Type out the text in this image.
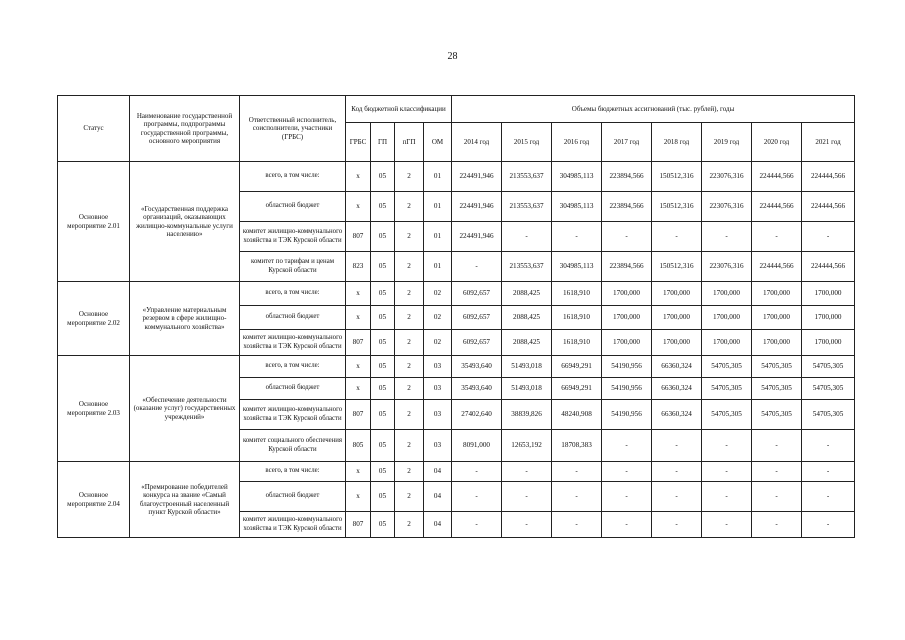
28
Статус	Наименование государственной программы, подпрограммы государственной программы, основного мероприятия	Ответственный исполнитель, соисполнители, участники (ГРБС)	Код бюджетной классификации				Объемы бюджетных ассигнований (тыс. рублей), годы							
			ГРБС	ГП	пГП	ОМ	2014 год	2015 год	2016 год	2017 год	2018 год	2019 год	2020 год	2021 год
Основное мероприятие 2.01	«Государственная поддержка организаций, оказывающих жилищно-коммунальные услуги населению»	всего, в том числе:	х	05	2	01	224491,946	213553,637	304985,113	223894,566	150512,316	223076,316	224444,566	224444,566
		областной бюджет	х	05	2	01	224491,946	213553,637	304985,113	223894,566	150512,316	223076,316	224444,566	224444,566
		комитет жилищно-коммунального хозяйства и ТЭК Курской области	807	05	2	01	224491,946	-	-	-	-	-	-	-
		комитет по тарифам и ценам Курской области	823	05	2	01	-	213553,637	304985,113	223894,566	150512,316	223076,316	224444,566	224444,566
Основное мероприятие 2.02	«Управление материальным резервом в сфере жилищно-коммунального хозяйства»	всего, в том числе:	х	05	2	02	6092,657	2088,425	1618,910	1700,000	1700,000	1700,000	1700,000	1700,000
		областной бюджет	х	05	2	02	6092,657	2088,425	1618,910	1700,000	1700,000	1700,000	1700,000	1700,000
		комитет жилищно-коммунального хозяйства и ТЭК Курской области	807	05	2	02	6092,657	2088,425	1618,910	1700,000	1700,000	1700,000	1700,000	1700,000
Основное мероприятие 2.03	«Обеспечение деятельности (оказание услуг) государственных учреждений»	всего, в том числе:	х	05	2	03	35493,640	51493,018	66949,291	54190,956	66360,324	54705,305	54705,305	54705,305
		областной бюджет	х	05	2	03	35493,640	51493,018	66949,291	54190,956	66360,324	54705,305	54705,305	54705,305
		комитет жилищно-коммунального хозяйства и ТЭК Курской области	807	05	2	03	27402,640	38839,826	48240,908	54190,956	66360,324	54705,305	54705,305	54705,305
		комитет социального обеспечения Курской области	805	05	2	03	8091,000	12653,192	18708,383	-	-	-	-	-
Основное мероприятие 2.04	«Премирование победителей конкурса на звание «Самый благоустроенный населенный пункт Курской области»	всего, в том числе:	х	05	2	04	-	-	-	-	-	-	-	-
		областной бюджет	х	05	2	04	-	-	-	-	-	-	-	-
		комитет жилищно-коммунального хозяйства и ТЭК Курской области	807	05	2	04	-	-	-	-	-	-	-	-
